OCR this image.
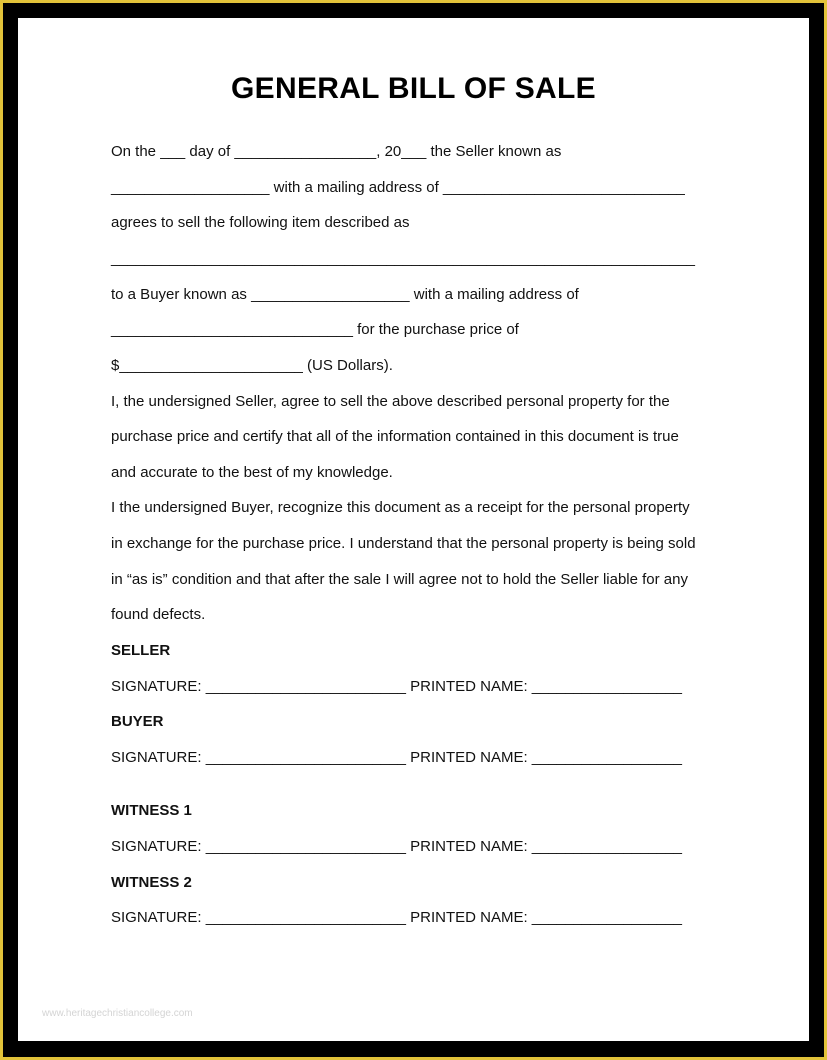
GENERAL BILL OF SALE
On the ___ day of _________________, 20___ the Seller known as
___________________ with a mailing address of _____________________________
agrees to sell the following item described as
______________________________________________________________________
to a Buyer known as ___________________ with a mailing address of
_____________________________ for the purchase price of
$______________________ (US Dollars).
I, the undersigned Seller, agree to sell the above described personal property for the
purchase price and certify that all of the information contained in this document is true
and accurate to the best of my knowledge.
I the undersigned Buyer, recognize this document as a receipt for the personal property
in exchange for the purchase price. I understand that the personal property is being sold
in “as is” condition and that after the sale I will agree not to hold the Seller liable for any
found defects.
SELLER
SIGNATURE: ________________________ PRINTED NAME: __________________
BUYER
SIGNATURE: ________________________ PRINTED NAME: __________________
WITNESS 1
SIGNATURE: ________________________ PRINTED NAME: __________________
WITNESS 2
SIGNATURE: ________________________ PRINTED NAME: __________________
www.heritagechristiancollege.com
